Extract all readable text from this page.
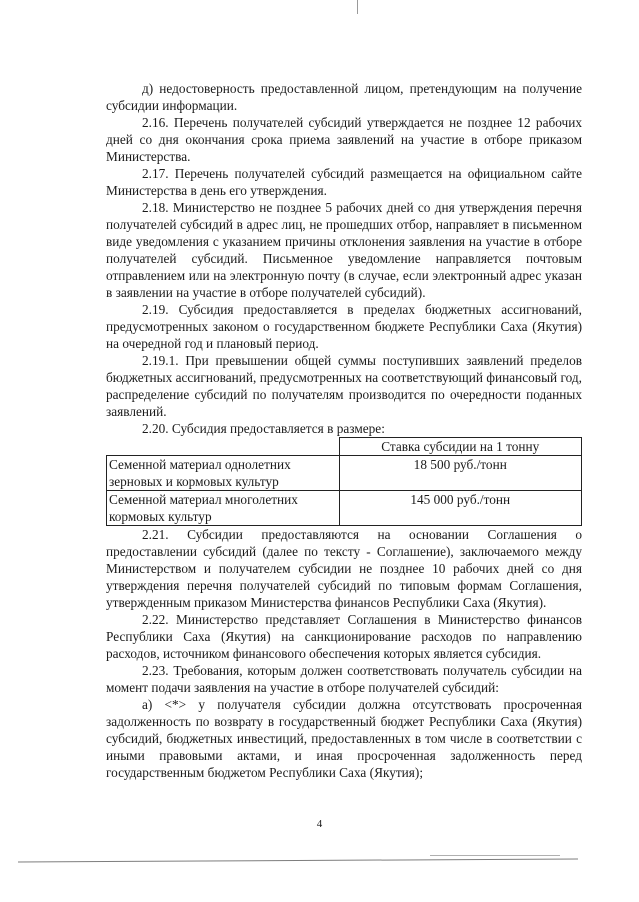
д) недостоверность предоставленной лицом, претендующим на получение субсидии информации.

2.16. Перечень получателей субсидий утверждается не позднее 12 рабочих дней со дня окончания срока приема заявлений на участие в отборе приказом Министерства.

2.17. Перечень получателей субсидий размещается на официальном сайте Министерства в день его утверждения.

2.18. Министерство не позднее 5 рабочих дней со дня утверждения перечня получателей субсидий в адрес лиц, не прошедших отбор, направляет в письменном виде уведомления с указанием причины отклонения заявления на участие в отборе получателей субсидий. Письменное уведомление направляется почтовым отправлением или на электронную почту (в случае, если электронный адрес указан в заявлении на участие в отборе получателей субсидий).

2.19. Субсидия предоставляется в пределах бюджетных ассигнований, предусмотренных законом о государственном бюджете Республики Саха (Якутия) на очередной год и плановый период.

2.19.1. При превышении общей суммы поступивших заявлений пределов бюджетных ассигнований, предусмотренных на соответствующий финансовый год, распределение субсидий по получателям производится по очередности поданных заявлений.

2.20. Субсидия предоставляется в размере:

	Ставка субсидии на 1 тонну
Семенной материал однолетних зерновых и кормовых культур	18 500 руб./тонн
Семенной материал многолетних кормовых культур	145 000 руб./тонн

2.21. Субсидии предоставляются на основании Соглашения о предоставлении субсидий (далее по тексту - Соглашение), заключаемого между Министерством и получателем субсидии не позднее 10 рабочих дней со дня утверждения перечня получателей субсидий по типовым формам Соглашения, утвержденным приказом Министерства финансов Республики Саха (Якутия).

2.22. Министерство представляет Соглашения в Министерство финансов Республики Саха (Якутия) на санкционирование расходов по направлению расходов, источником финансового обеспечения которых является субсидия.

2.23. Требования, которым должен соответствовать получатель субсидии на момент подачи заявления на участие в отборе получателей субсидий:

а) <*> у получателя субсидии должна отсутствовать просроченная задолженность по возврату в государственный бюджет Республики Саха (Якутия) субсидий, бюджетных инвестиций, предоставленных в том числе в соответствии с иными правовыми актами, и иная просроченная задолженность перед государственным бюджетом Республики Саха (Якутия);

4
